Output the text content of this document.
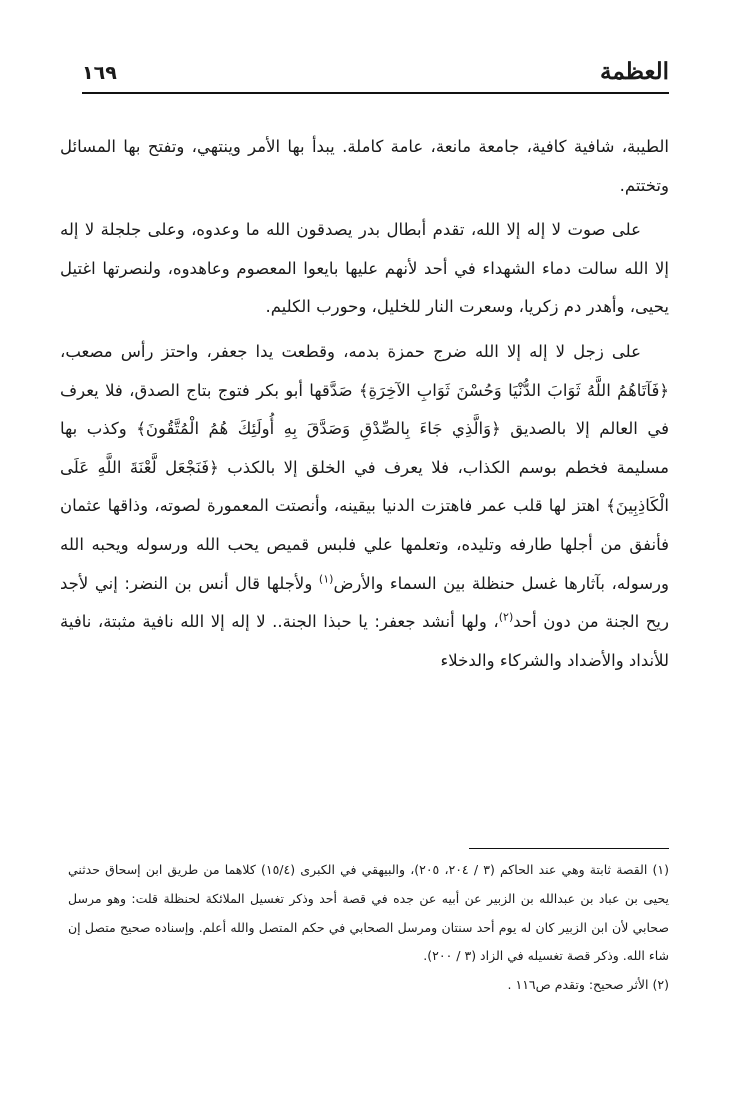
العظمة
١٦٩

الطيبة، شافية كافية، جامعة مانعة، عامة كاملة. يبدأ بها الأمر وينتهي، وتفتح بها المسائل وتختتم.

على صوت لا إله إلا الله، تقدم أبطال بدر يصدقون الله ما وعدوه، وعلى جلجلة لا إله إلا الله سالت دماء الشهداء في أحد لأنهم عليها بايعوا المعصوم وعاهدوه، ولنصرتها اغتيل يحيى، وأهدر دم زكريا، وسعرت النار للخليل، وحورب الكليم.

على زجل لا إله إلا الله ضرج حمزة بدمه، وقطعت يدا جعفر، واحتز رأس مصعب، ﴿فَآتَاهُمُ اللَّهُ ثَوَابَ الدُّنْيَا وَحُسْنَ ثَوَابِ الآخِرَةِ﴾ صَدَّقها أبو بكر فتوج بتاج الصدق، فلا يعرف في العالم إلا بالصديق ﴿وَالَّذِي جَاءَ بِالصِّدْقِ وَصَدَّقَ بِهِ أُولَئِكَ هُمُ الْمُتَّقُونَ﴾ وكذب بها مسليمة فخطم بوسم الكذاب، فلا يعرف في الخلق إلا بالكذب ﴿فَنَجْعَل لَّعْنَةَ اللَّهِ عَلَى الْكَاذِبِينَ﴾ اهتز لها قلب عمر فاهتزت الدنيا بيقينه، وأنصتت المعمورة لصوته، وذاقها عثمان فأنفق من أجلها طارفه وتليده، وتعلمها علي فلبس قميص يحب الله ورسوله ويحبه الله ورسوله، بآثارها غسل حنظلة بين السماء والأرض$^{(١)}$ ولأجلها قال أنس بن النضر: إني لأجد ريح الجنة من دون أحد$^{(٢)}$، ولها أنشد جعفر: يا حبذا الجنة.. لا إله إلا الله نافية مثبتة، نافية للأنداد والأضداد والشركاء والدخلاء

(١) القصة ثابتة وهي عند الحاكم (٣ / ٢٠٤، ٢٠٥)، والبيهقي في الكبرى (١٥/٤) كلاهما من طريق ابن إسحاق حدثني يحيى بن عباد بن عبدالله بن الزبير عن أبيه عن جده في قصة أحد وذكر تغسيل الملائكة لحنظلة قلت: وهو مرسل صحابي لأن ابن الزبير كان له يوم أحد سنتان ومرسل الصحابي في حكم المتصل والله أعلم. وإسناده صحيح متصل إن شاء الله. وذكر قصة تغسيله في الزاد (٣ / ٢٠٠).

(٢) الأثر صحيح: وتقدم ص١١٦ .
